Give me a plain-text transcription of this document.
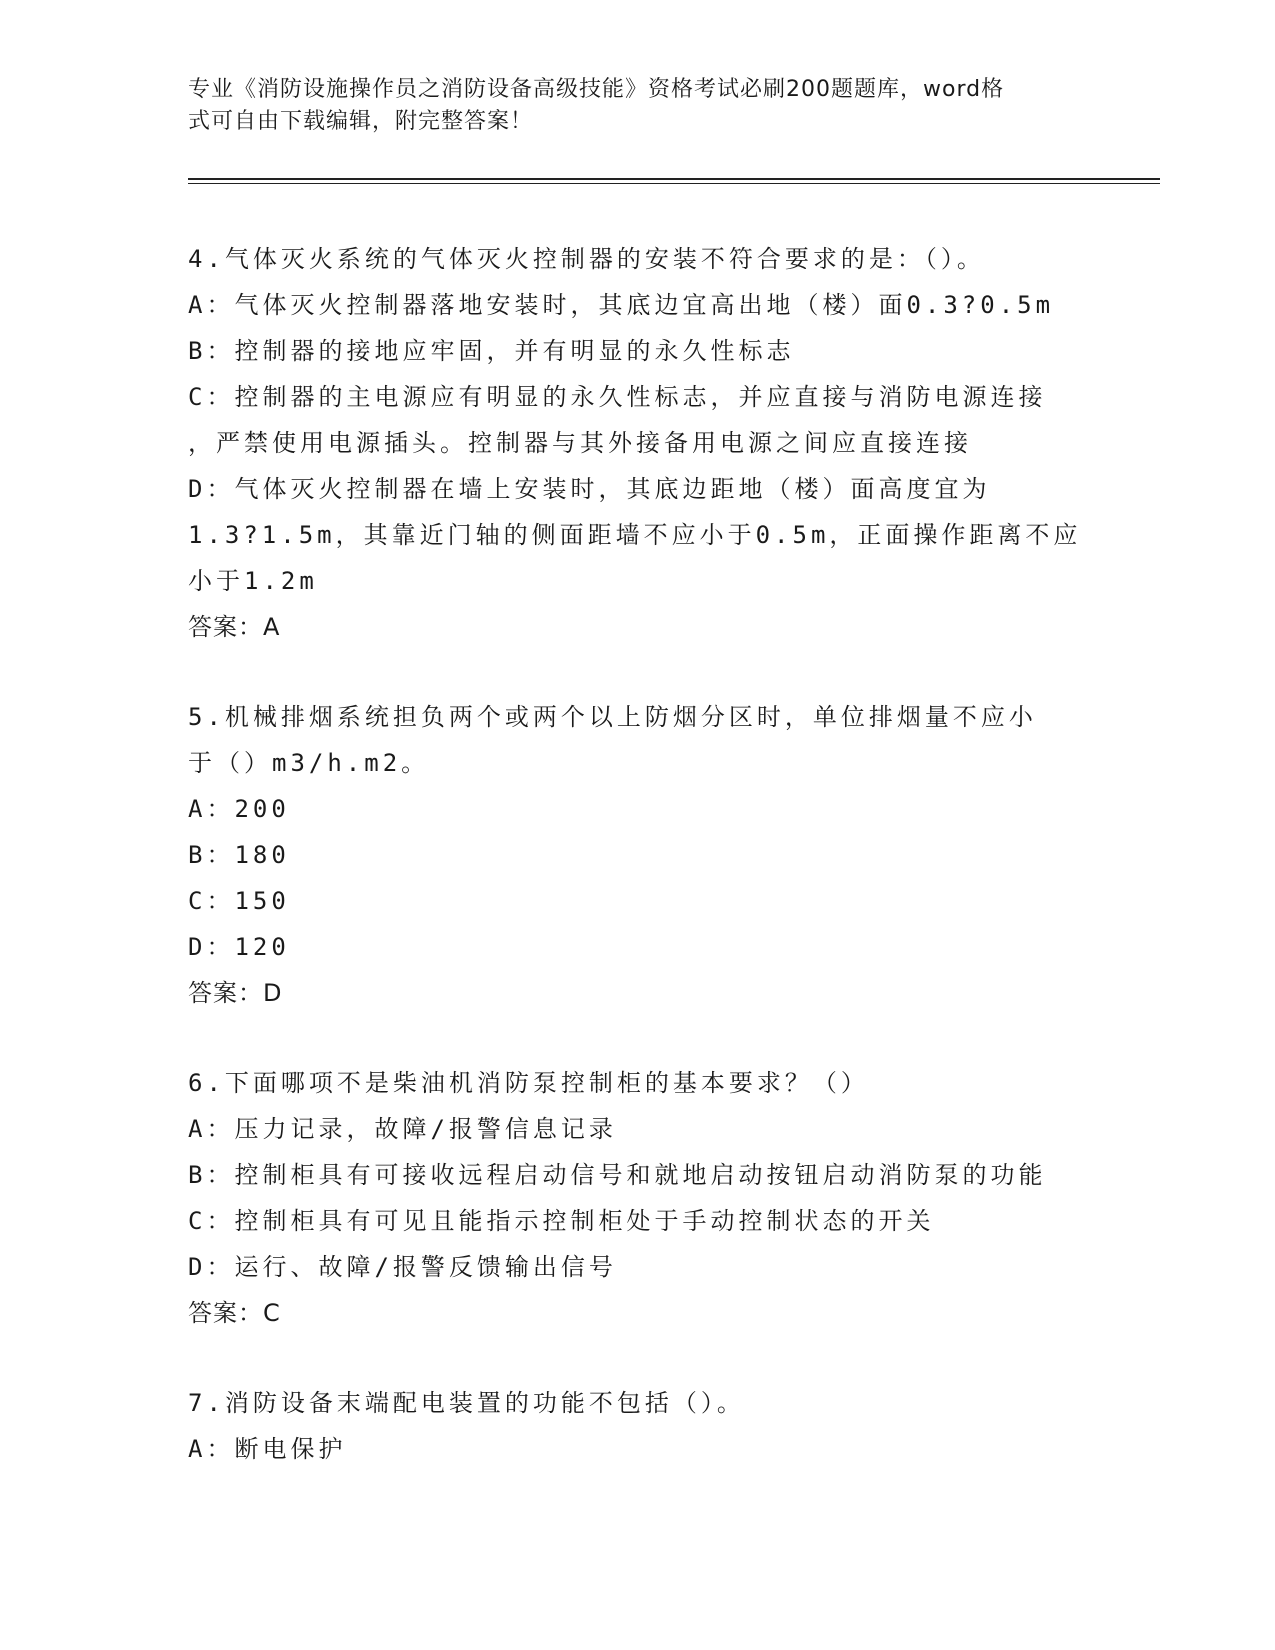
专业《消防设施操作员之消防设备高级技能》资格考试必刷200题题库，word格
式可自由下载编辑，附完整答案！
4.气体灭火系统的气体灭火控制器的安装不符合要求的是：（）。
A：气体灭火控制器落地安装时，其底边宜高出地（楼）面0.3?0.5m
B：控制器的接地应牢固，并有明显的永久性标志
C：控制器的主电源应有明显的永久性标志，并应直接与消防电源连接
，严禁使用电源插头。控制器与其外接备用电源之间应直接连接
D：气体灭火控制器在墙上安装时，其底边距地（楼）面高度宜为
1.3?1.5m，其靠近门轴的侧面距墙不应小于0.5m，正面操作距离不应
小于1.2m
答案：A
5.机械排烟系统担负两个或两个以上防烟分区时，单位排烟量不应小
于（）m3/h.m2。
A：200
B：180
C：150
D：120
答案：D
6.下面哪项不是柴油机消防泵控制柜的基本要求？（）
A：压力记录，故障/报警信息记录
B：控制柜具有可接收远程启动信号和就地启动按钮启动消防泵的功能
C：控制柜具有可见且能指示控制柜处于手动控制状态的开关
D：运行、故障/报警反馈输出信号
答案：C
7.消防设备末端配电装置的功能不包括（）。
A：断电保护
